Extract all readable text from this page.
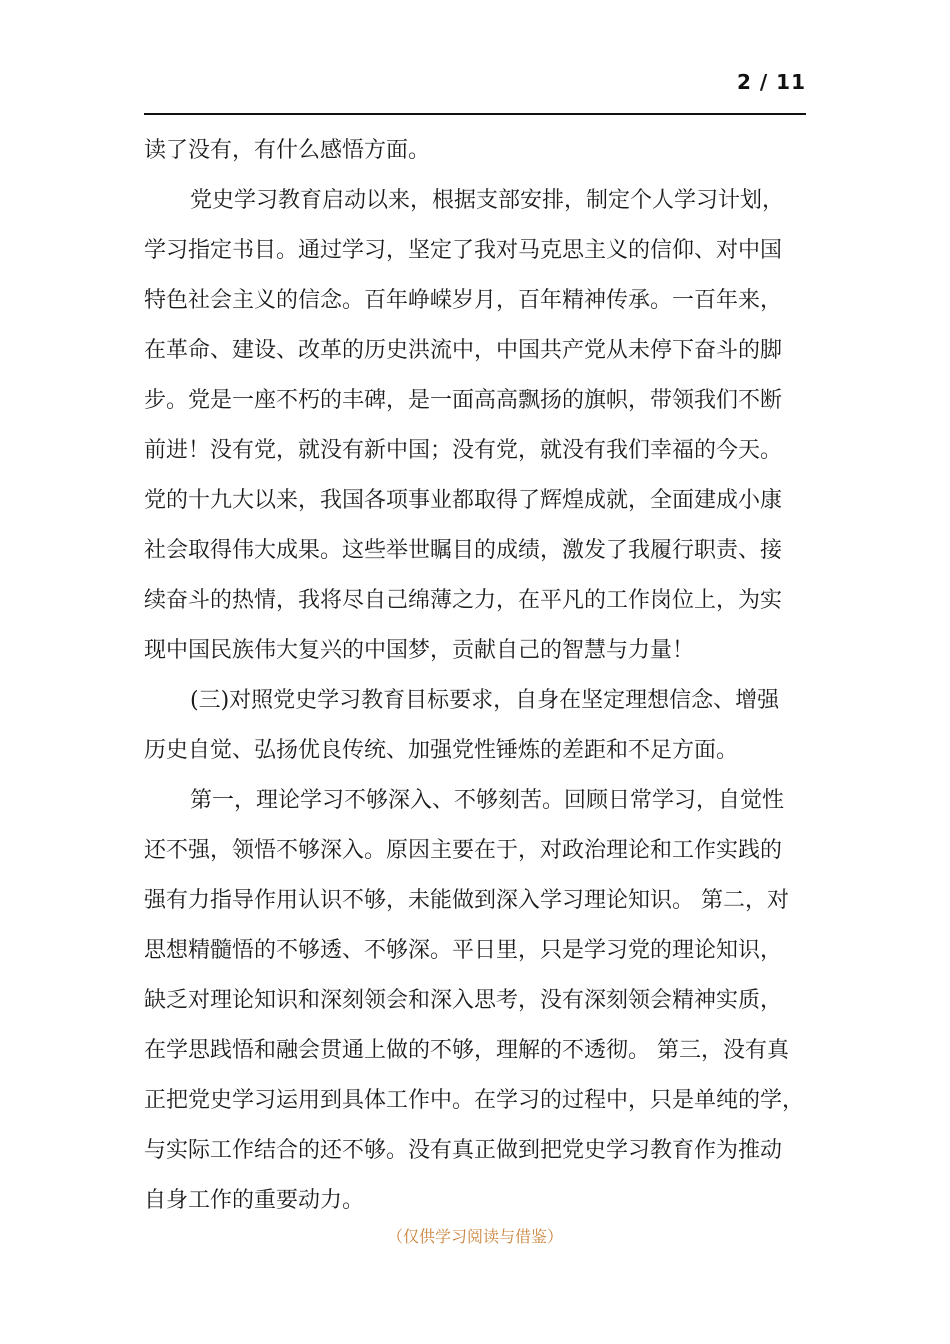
2 / 11
读了没有，有什么感悟方面。
党史学习教育启动以来，根据支部安排，制定个人学习计划，
学习指定书目。通过学习，坚定了我对马克思主义的信仰、对中国
特色社会主义的信念。百年峥嵘岁月，百年精神传承。一百年来，
在革命、建设、改革的历史洪流中，中国共产党从未停下奋斗的脚
步。党是一座不朽的丰碑，是一面高高飘扬的旗帜，带领我们不断
前进！没有党，就没有新中国；没有党，就没有我们幸福的今天。
党的十九大以来，我国各项事业都取得了辉煌成就，全面建成小康
社会取得伟大成果。这些举世瞩目的成绩，激发了我履行职责、接
续奋斗的热情，我将尽自己绵薄之力，在平凡的工作岗位上，为实
现中国民族伟大复兴的中国梦，贡献自己的智慧与力量！
(三)对照党史学习教育目标要求，自身在坚定理想信念、增强
历史自觉、弘扬优良传统、加强党性锤炼的差距和不足方面。
第一，理论学习不够深入、不够刻苦。回顾日常学习，自觉性
还不强，领悟不够深入。原因主要在于，对政治理论和工作实践的
强有力指导作用认识不够，未能做到深入学习理论知识。 第二，对
思想精髓悟的不够透、不够深。平日里，只是学习党的理论知识，
缺乏对理论知识和深刻领会和深入思考，没有深刻领会精神实质，
在学思践悟和融会贯通上做的不够，理解的不透彻。 第三，没有真
正把党史学习运用到具体工作中。在学习的过程中，只是单纯的学，
与实际工作结合的还不够。没有真正做到把党史学习教育作为推动
自身工作的重要动力。
（仅供学习阅读与借鉴）
